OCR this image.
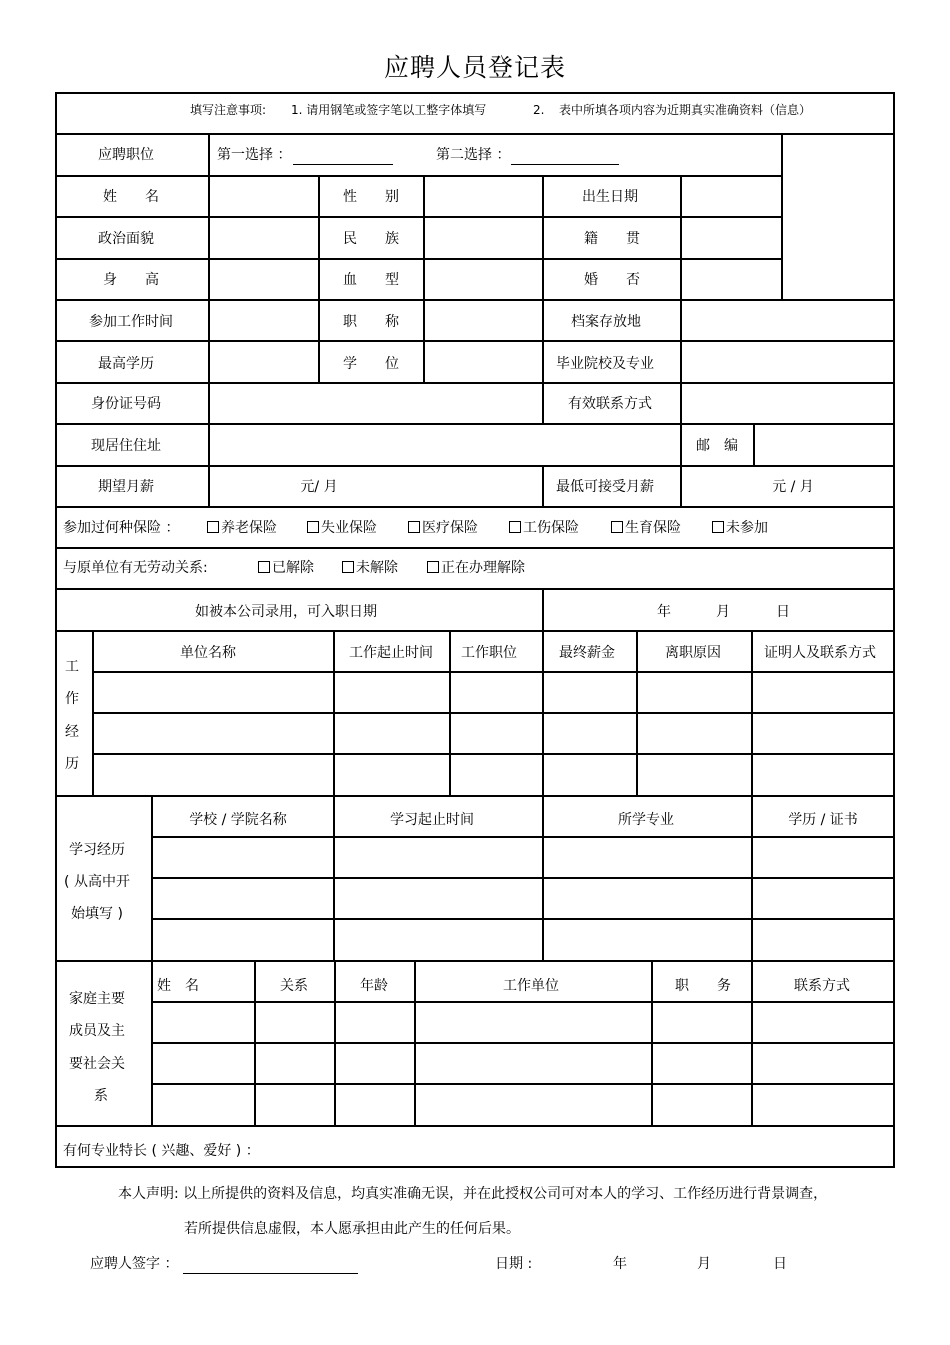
应聘人员登记表
填写注意事项: 1. 请用钢笔或签字笔以工整字体填写	2. 表中所填各项内容为近期真实准确资料（信息）
应聘职位	第一选择 ：	第二选择 ：
姓　　名	性　　别	出生日期
政治面貌	民　　族	籍　　贯
身　　高	血　　型	婚　　否
参加工作时间	职　　称	档案存放地
最高学历	学　　位	毕业院校及专业
身份证号码	有效联系方式
现居住住址	邮　编
期望月薪	元/ 月	最低可接受月薪	元 / 月
参加过何种保险 ：	养老保险	失业保险	医疗保险	工伤保险	生育保险	未参加
与原单位有无劳动关系:	已解除	未解除	正在办理解除
如被本公司录用，可入职日期	年	月	日
工
作
经
历
单位名称	工作起止时间 工作职位	最终薪金	离职原因	证明人及联系方式
学习经历
( 从高中开
始填写 )
学校 / 学院名称	学习起止时间	所学专业	学历 / 证书
家庭主要
成员及主
要社会关
系
姓　名	关系	年龄	工作单位	职　　务	联系方式
有何专业特长 ( 兴趣、爱好 ) ：
本人声明: 以上所提供的资料及信息，均真实准确无误，并在此授权公司可对本人的学习、工作经历进行背景调查，
若所提供信息虚假，本人愿承担由此产生的任何后果。
应聘人签字 ：	日期 :	年	月	日
